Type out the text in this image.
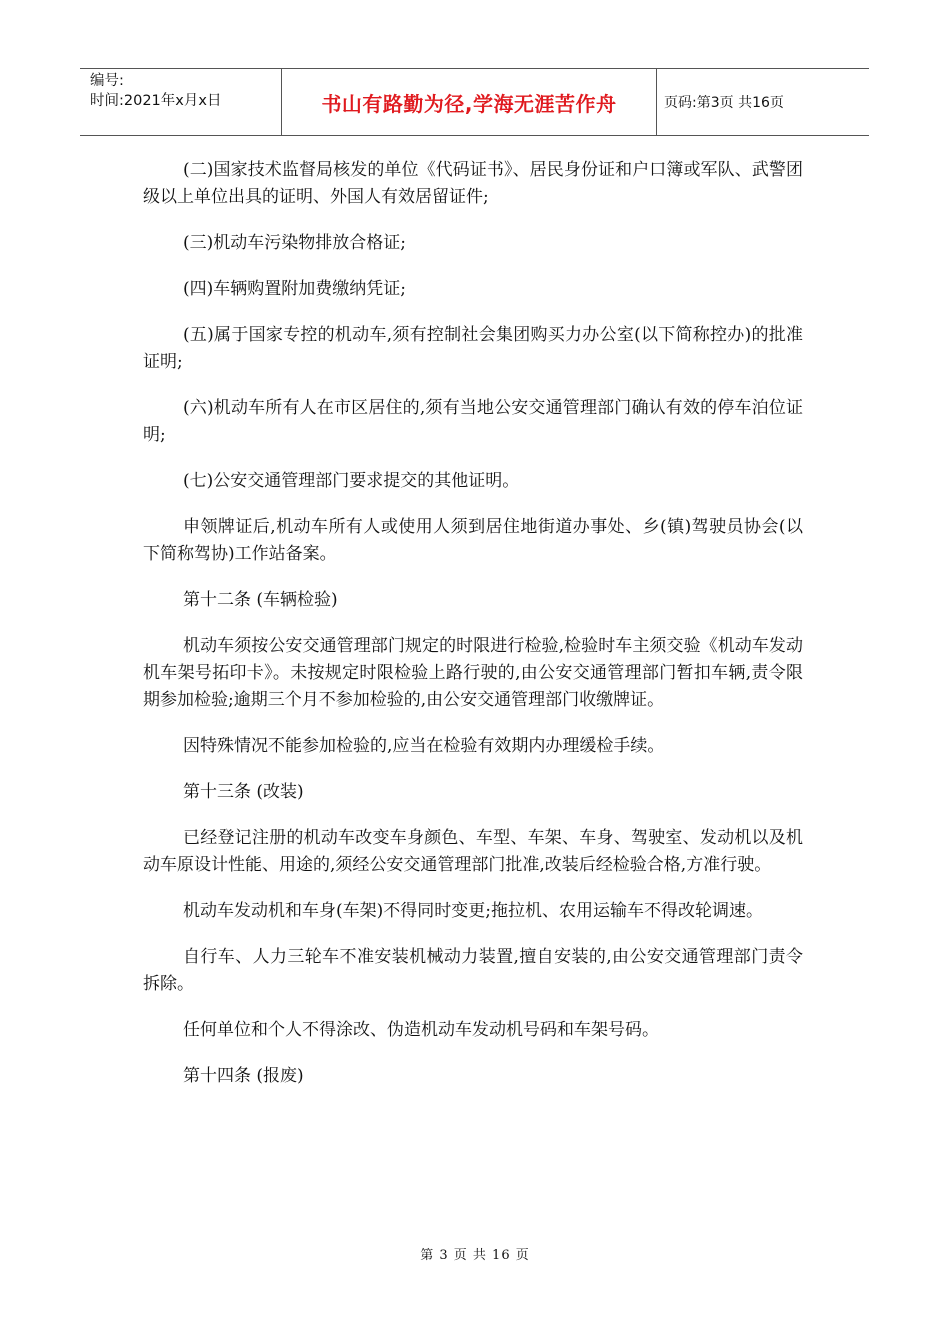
编号:
时间:2021年x月x日	书山有路勤为径,学海无涯苦作舟	页码:第3页 共16页

(二)国家技术监督局核发的单位《代码证书》、居民身份证和户口簿或军队、武警团级以上单位出具的证明、外国人有效居留证件;

(三)机动车污染物排放合格证;

(四)车辆购置附加费缴纳凭证;

(五)属于国家专控的机动车,须有控制社会集团购买力办公室(以下简称控办)的批准证明;

(六)机动车所有人在市区居住的,须有当地公安交通管理部门确认有效的停车泊位证明;

(七)公安交通管理部门要求提交的其他证明。

申领牌证后,机动车所有人或使用人须到居住地街道办事处、乡(镇)驾驶员协会(以下简称驾协)工作站备案。

第十二条 (车辆检验)

机动车须按公安交通管理部门规定的时限进行检验,检验时车主须交验《机动车发动机车架号拓印卡》。未按规定时限检验上路行驶的,由公安交通管理部门暂扣车辆,责令限期参加检验;逾期三个月不参加检验的,由公安交通管理部门收缴牌证。

因特殊情况不能参加检验的,应当在检验有效期内办理缓检手续。

第十三条 (改装)

已经登记注册的机动车改变车身颜色、车型、车架、车身、驾驶室、发动机以及机动车原设计性能、用途的,须经公安交通管理部门批准,改装后经检验合格,方准行驶。

机动车发动机和车身(车架)不得同时变更;拖拉机、农用运输车不得改轮调速。

自行车、人力三轮车不准安装机械动力装置,擅自安装的,由公安交通管理部门责令拆除。

任何单位和个人不得涂改、伪造机动车发动机号码和车架号码。

第十四条 (报废)

第 3 页 共 16 页
